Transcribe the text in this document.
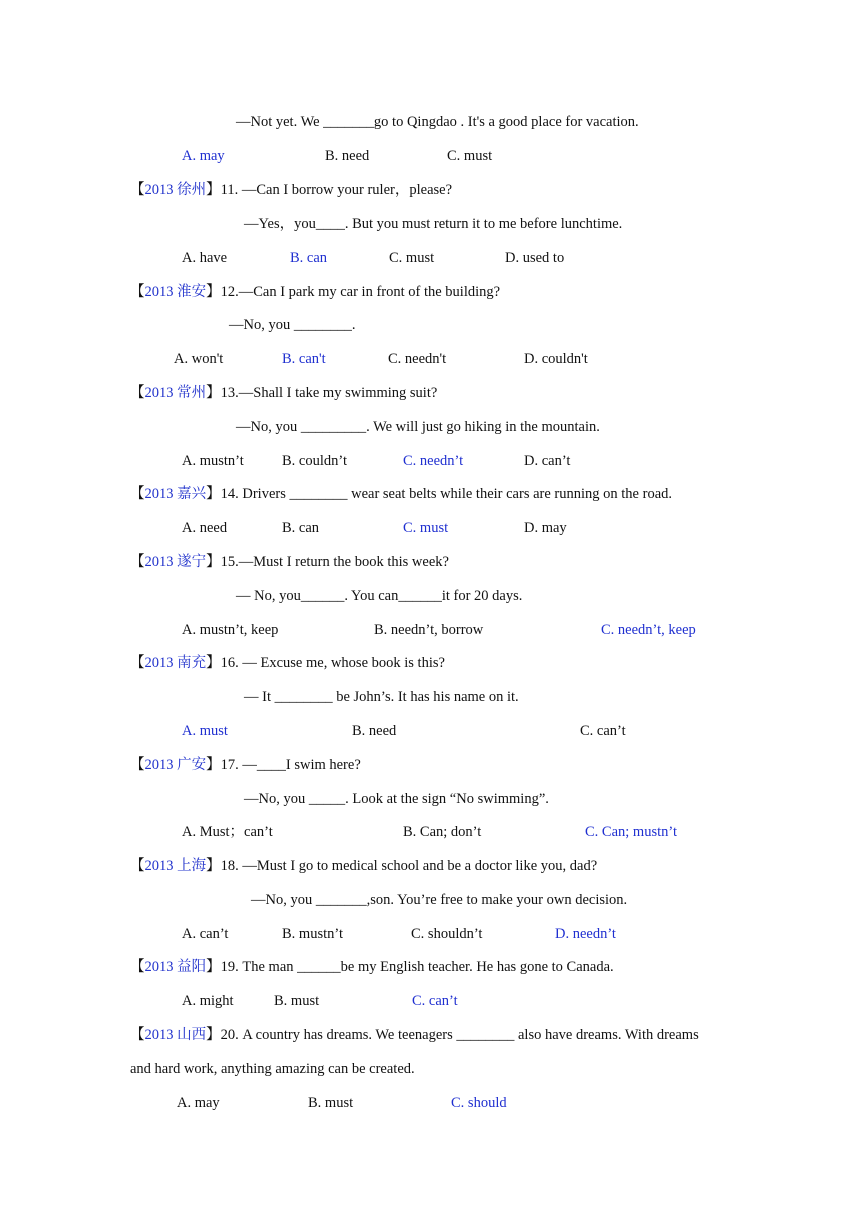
—Not yet. We _______go to Qingdao . It's a good place for vacation.
A. may	B. need	C. must
【2013 徐州】11. —Can I borrow your ruler，please?
—Yes，you____. But you must return it to me before lunchtime.
A. have	B. can	C. must	D. used to
【2013 淮安】12.—Can I park my car in front of the building?
—No, you ________.
A. won't	B. can't	C. needn't	D. couldn't
【2013 常州】13.—Shall I take my swimming suit?
—No, you _________. We will just go hiking in the mountain.
A. mustn’t	B. couldn’t	C. needn’t	D. can’t
【2013 嘉兴】14. Drivers ________ wear seat belts while their cars are running on the road.
A. need	B. can	C. must	D. may
【2013 遂宁】15.―Must I return the book this week?
― No, you______. You can______it for 20 days.
A. mustn’t, keep	B. needn’t, borrow	C. needn’t, keep
【2013 南充】16. — Excuse me, whose book is this?
— It ________ be John’s. It has his name on it.
A. must	B. need	C. can’t
【2013 广安】17. —____I swim here?
—No, you _____. Look at the sign “No swimming”.
A. Must；can’t	B. Can; don’t	C. Can; mustn’t
【2013 上海】18. —Must I go to medical school and be a doctor like you, dad?
—No, you _______,son. You’re free to make your own decision.
A. can’t	B. mustn’t	C. shouldn’t	D. needn’t
【2013 益阳】19. The man ______be my English teacher. He has gone to Canada.
A. might	B. must	C. can’t
【2013 山西】20. A country has dreams. We teenagers ________ also have dreams. With dreams
and hard work, anything amazing can be created.
A. may	B. must	C. should
